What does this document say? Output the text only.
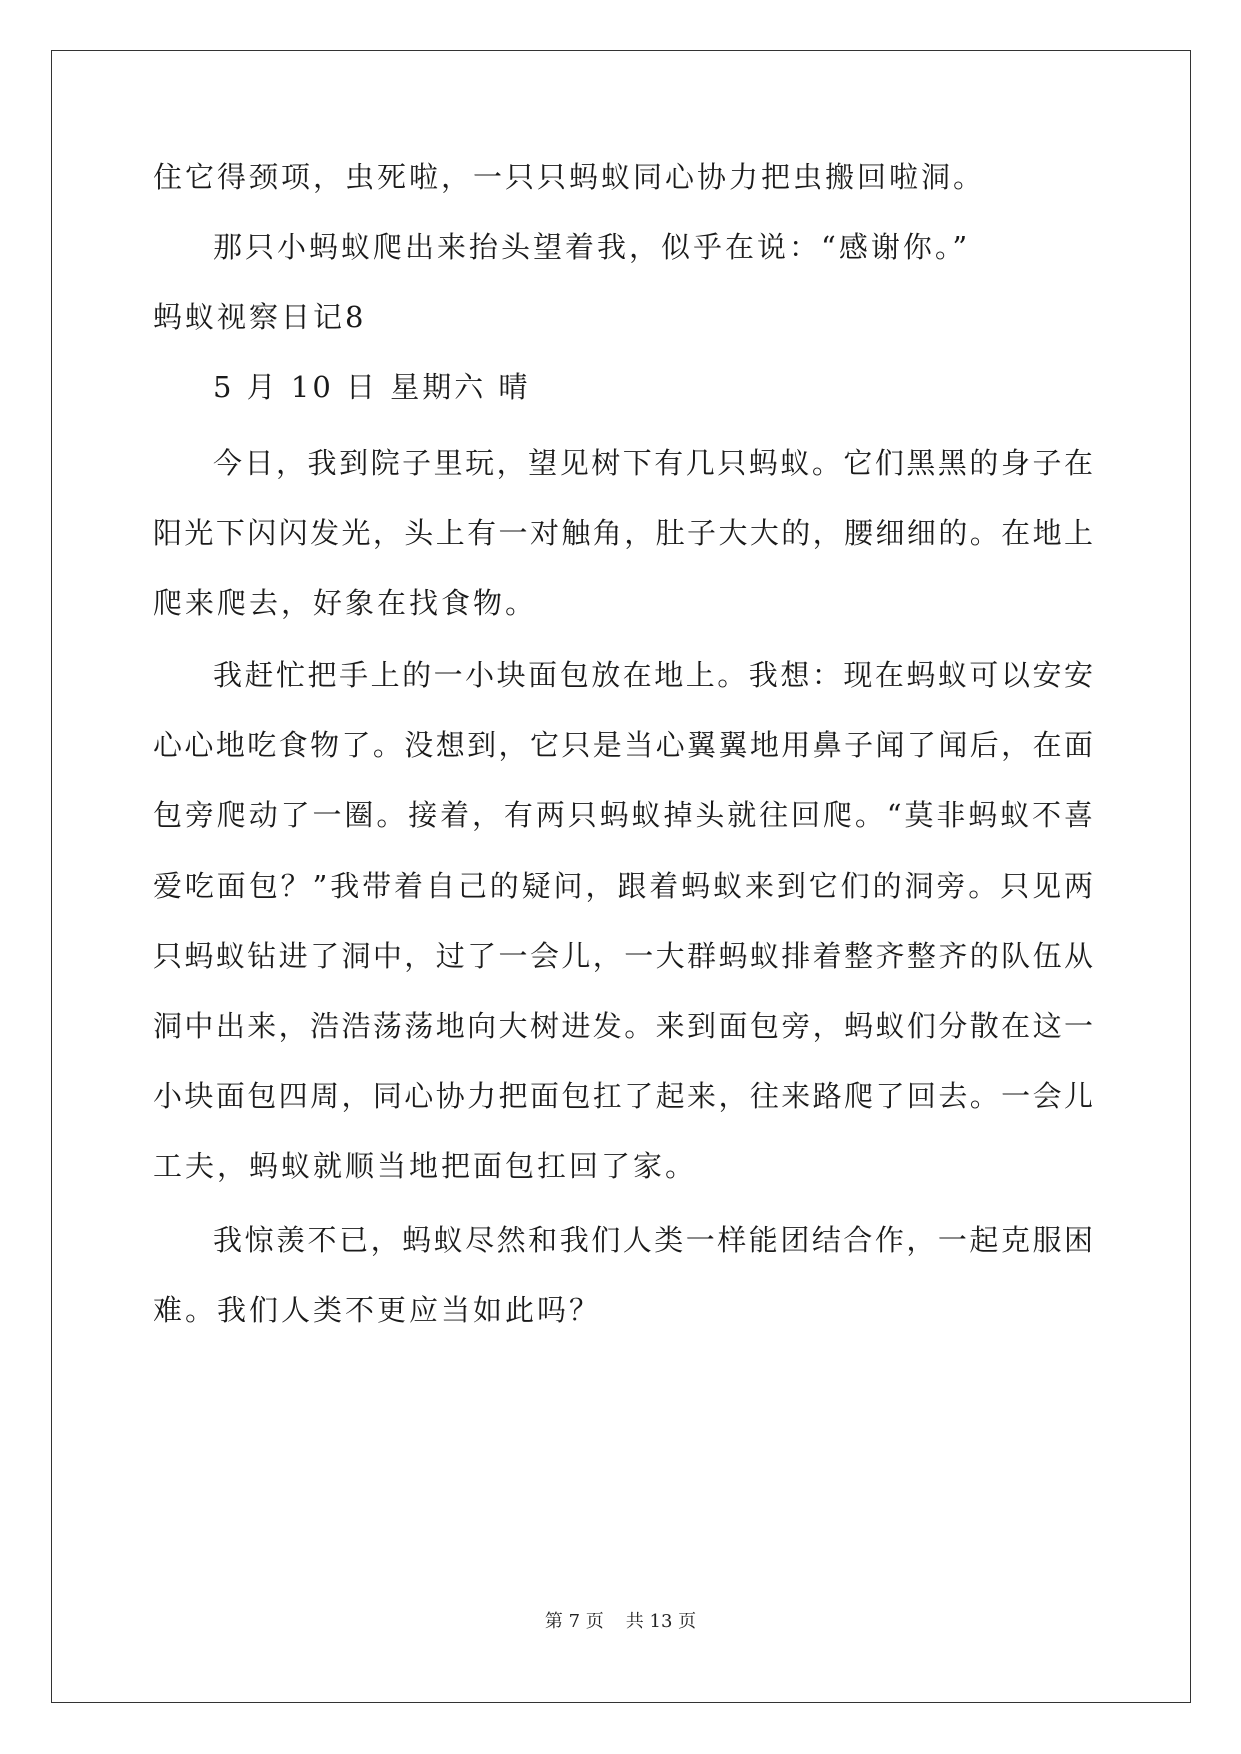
住它得颈项，虫死啦，一只只蚂蚁同心协力把虫搬回啦洞。

那只小蚂蚁爬出来抬头望着我，似乎在说：“感谢你。”

蚂蚁视察日记8

5 月 10 日 星期六 晴

今日，我到院子里玩，望见树下有几只蚂蚁。它们黑黑的身子在

阳光下闪闪发光，头上有一对触角，肚子大大的，腰细细的。在地上

爬来爬去，好象在找食物。

我赶忙把手上的一小块面包放在地上。我想：现在蚂蚁可以安安

心心地吃食物了。没想到，它只是当心翼翼地用鼻子闻了闻后，在面

包旁爬动了一圈。接着，有两只蚂蚁掉头就往回爬。“莫非蚂蚁不喜

爱吃面包？”我带着自己的疑问，跟着蚂蚁来到它们的洞旁。只见两

只蚂蚁钻进了洞中，过了一会儿，一大群蚂蚁排着整齐整齐的队伍从

洞中出来，浩浩荡荡地向大树进发。来到面包旁，蚂蚁们分散在这一

小块面包四周，同心协力把面包扛了起来，往来路爬了回去。一会儿

工夫，蚂蚁就顺当地把面包扛回了家。

我惊羡不已，蚂蚁尽然和我们人类一样能团结合作，一起克服困

难。我们人类不更应当如此吗？

第 7 页 共 13 页
